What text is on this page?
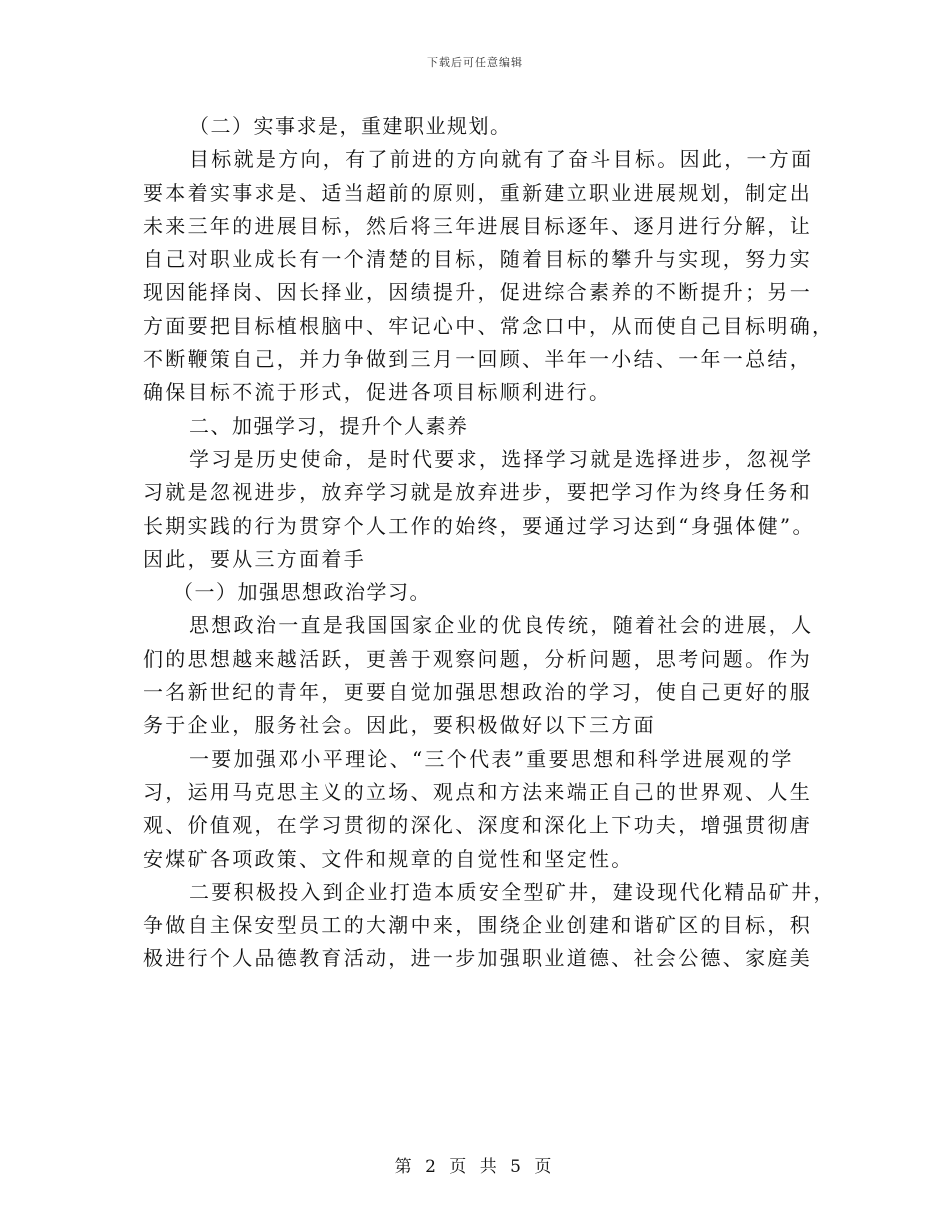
下载后可任意编辑
（二）实事求是，重建职业规划。
目标就是方向，有了前进的方向就有了奋斗目标。因此，一方面
要本着实事求是、适当超前的原则，重新建立职业进展规划，制定出
未来三年的进展目标，然后将三年进展目标逐年、逐月进行分解，让
自己对职业成长有一个清楚的目标，随着目标的攀升与实现，努力实
现因能择岗、因长择业，因绩提升，促进综合素养的不断提升；另一
方面要把目标植根脑中、牢记心中、常念口中，从而使自己目标明确，
不断鞭策自己，并力争做到三月一回顾、半年一小结、一年一总结，
确保目标不流于形式，促进各项目标顺利进行。
二、加强学习，提升个人素养
学习是历史使命，是时代要求，选择学习就是选择进步，忽视学
习就是忽视进步，放弃学习就是放弃进步，要把学习作为终身任务和
长期实践的行为贯穿个人工作的始终，要通过学习达到“身强体健”。
因此，要从三方面着手
（一）加强思想政治学习。
思想政治一直是我国国家企业的优良传统，随着社会的进展，人
们的思想越来越活跃，更善于观察问题，分析问题，思考问题。作为
一名新世纪的青年，更要自觉加强思想政治的学习，使自己更好的服
务于企业，服务社会。因此，要积极做好以下三方面
一要加强邓小平理论、“三个代表”重要思想和科学进展观的学
习，运用马克思主义的立场、观点和方法来端正自己的世界观、人生
观、价值观，在学习贯彻的深化、深度和深化上下功夫，增强贯彻唐
安煤矿各项政策、文件和规章的自觉性和坚定性。
二要积极投入到企业打造本质安全型矿井，建设现代化精品矿井，
争做自主保安型员工的大潮中来，围绕企业创建和谐矿区的目标，积
极进行个人品德教育活动，进一步加强职业道德、社会公德、家庭美
第 2 页 共 5 页
